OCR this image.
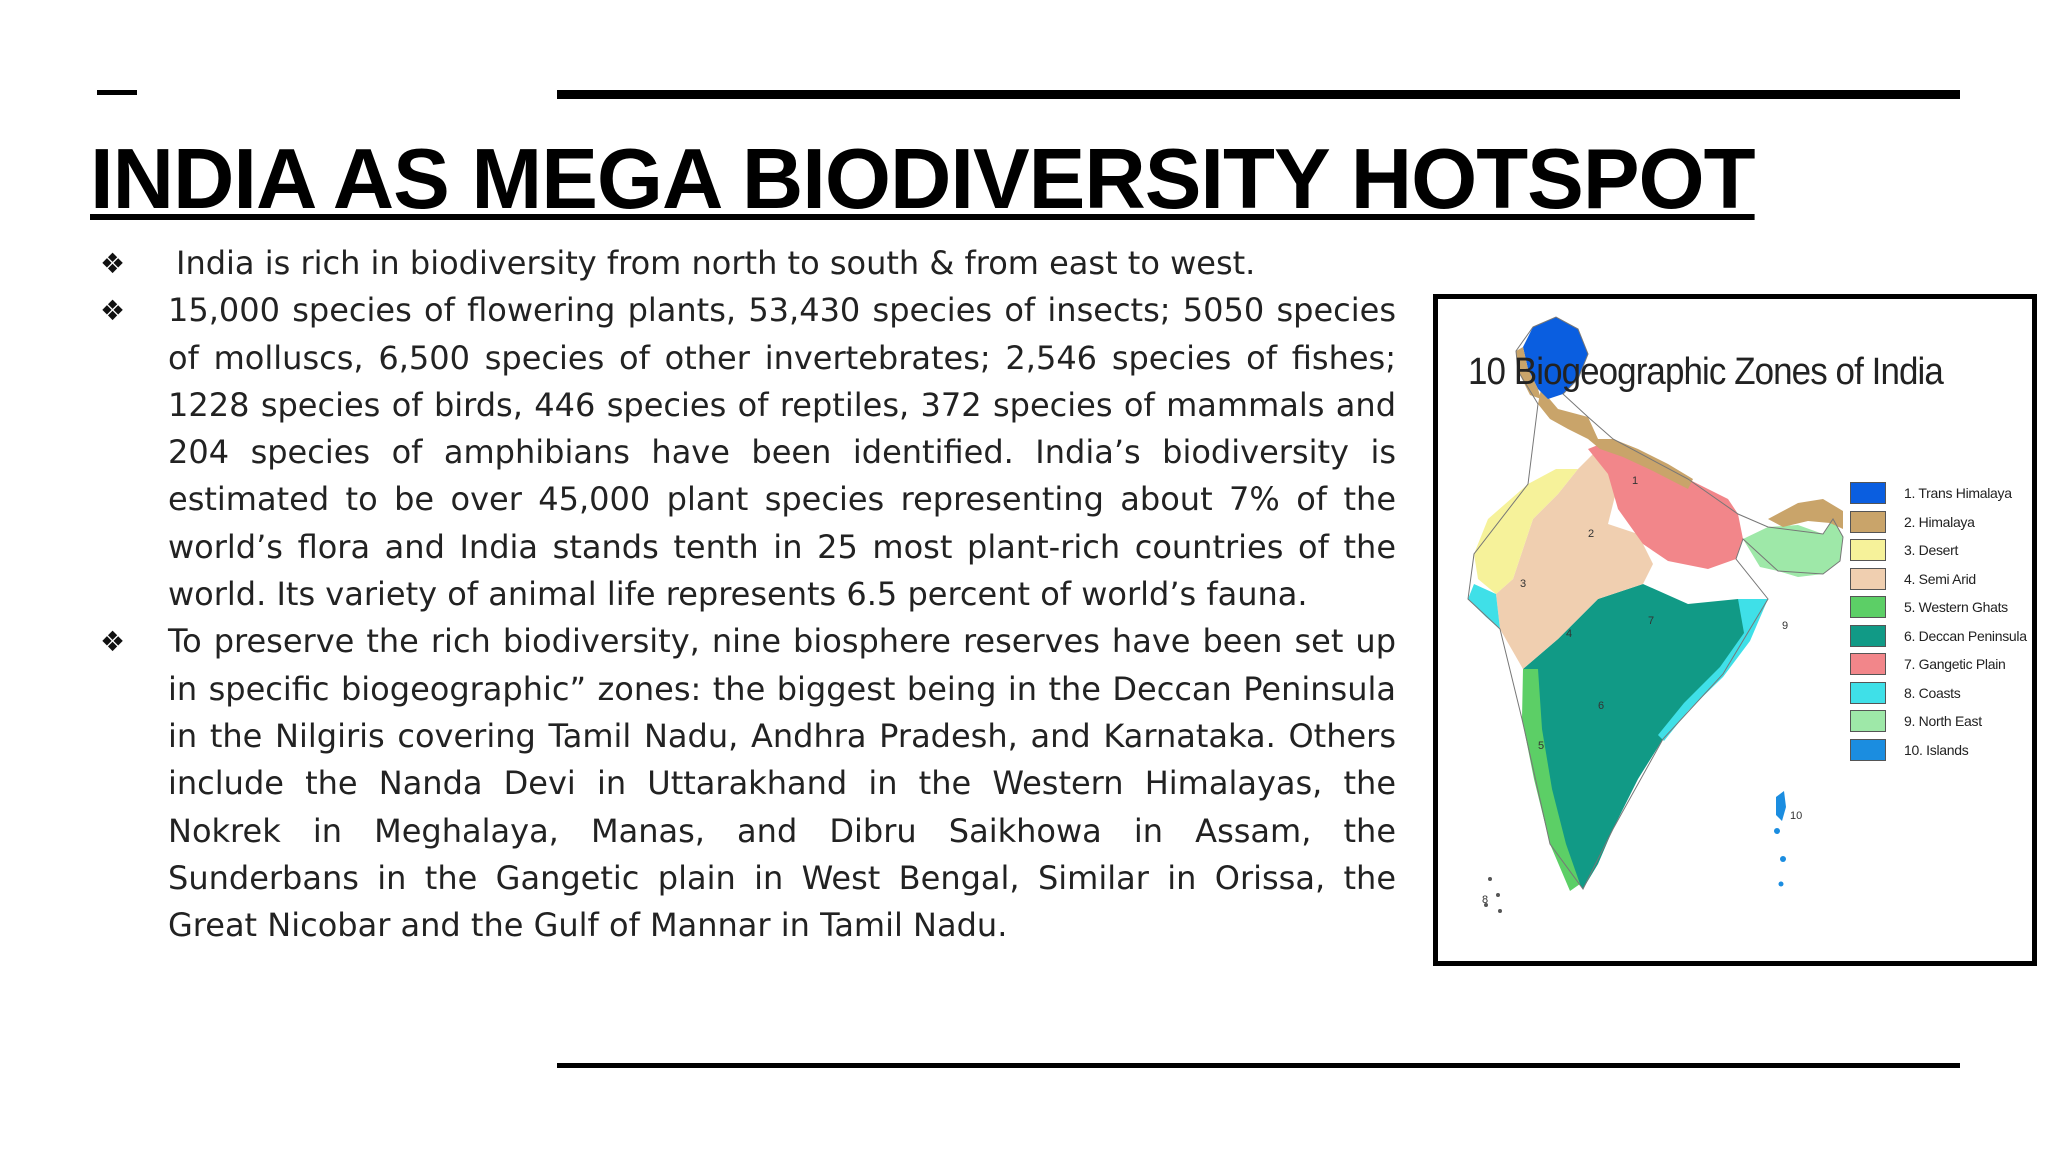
INDIA AS MEGA BIODIVERSITY HOTSPOT
❖ India is rich in biodiversity from north to south & from east to west.
❖ 15,000 species of flowering plants, 53,430 species of insects; 5050 species of molluscs, 6,500 species of other invertebrates; 2,546 species of fishes; 1228 species of birds, 446 species of reptiles, 372 species of mammals and 204 species of amphibians have been identified. India’s biodiversity is estimated to be over 45,000 plant species representing about 7% of the world’s flora and India stands tenth in 25 most plant-rich countries of the world. Its variety of animal life represents 6.5 percent of world’s fauna.
❖ To preserve the rich biodiversity, nine biosphere reserves have been set up in specific biogeographic” zones: the biggest being in the Deccan Peninsula in the Nilgiris covering Tamil Nadu, Andhra Pradesh, and Karnataka. Others include the Nanda Devi in Uttarakhand in the Western Himalayas, the Nokrek in Meghalaya, Manas, and Dibru Saikhowa in Assam, the Sunderbans in the Gangetic plain in West Bengal, Similar in Orissa, the Great Nicobar and the Gulf of Mannar in Tamil Nadu.
1
2
3
4
5
6
7
8
9
10
10 Biogeographic Zones of India
1. Trans Himalaya
2. Himalaya
3. Desert
4. Semi Arid
5. Western Ghats
6. Deccan Peninsula
7. Gangetic Plain
8. Coasts
9. North East
10. Islands
